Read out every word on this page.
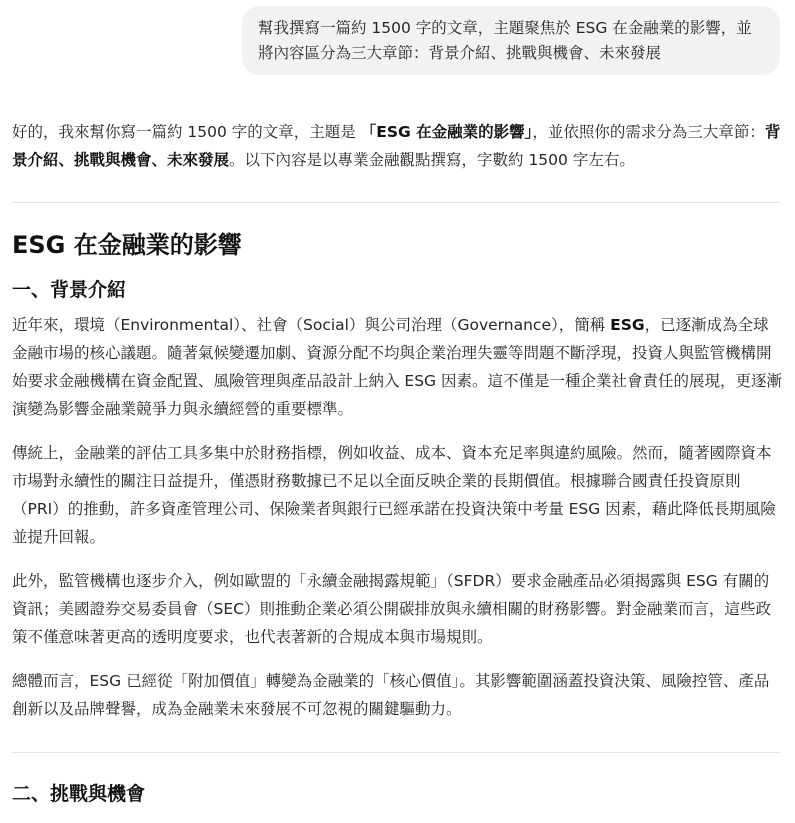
幫我撰寫一篇約 1500 字的文章，主題聚焦於 ESG 在金融業的影響，並將內容區分為三大章節：背景介紹、挑戰與機會、未來發展

好的，我來幫你寫一篇約 1500 字的文章，主題是 「ESG 在金融業的影響」，並依照你的需求分為三大章節：背景介紹、挑戰與機會、未來發展。以下內容是以專業金融觀點撰寫，字數約 1500 字左右。

ESG 在金融業的影響
一、背景介紹

近年來，環境（Environmental）、社會（Social）與公司治理（Governance），簡稱 ESG，已逐漸成為全球金融市場的核心議題。隨著氣候變遷加劇、資源分配不均與企業治理失靈等問題不斷浮現，投資人與監管機構開始要求金融機構在資金配置、風險管理與產品設計上納入 ESG 因素。這不僅是一種企業社會責任的展現，更逐漸演變為影響金融業競爭力與永續經營的重要標準。

傳統上，金融業的評估工具多集中於財務指標，例如收益、成本、資本充足率與違約風險。然而，隨著國際資本市場對永續性的關注日益提升，僅憑財務數據已不足以全面反映企業的長期價值。根據聯合國責任投資原則（PRI）的推動，許多資產管理公司、保險業者與銀行已經承諾在投資決策中考量 ESG 因素，藉此降低長期風險並提升回報。

此外，監管機構也逐步介入，例如歐盟的「永續金融揭露規範」（SFDR）要求金融產品必須揭露與 ESG 有關的資訊；美國證券交易委員會（SEC）則推動企業必須公開碳排放與永續相關的財務影響。對金融業而言，這些政策不僅意味著更高的透明度要求，也代表著新的合規成本與市場規則。

總體而言，ESG 已經從「附加價值」轉變為金融業的「核心價值」。其影響範圍涵蓋投資決策、風險控管、產品創新以及品牌聲譽，成為金融業未來發展不可忽視的關鍵驅動力。

二、挑戰與機會
